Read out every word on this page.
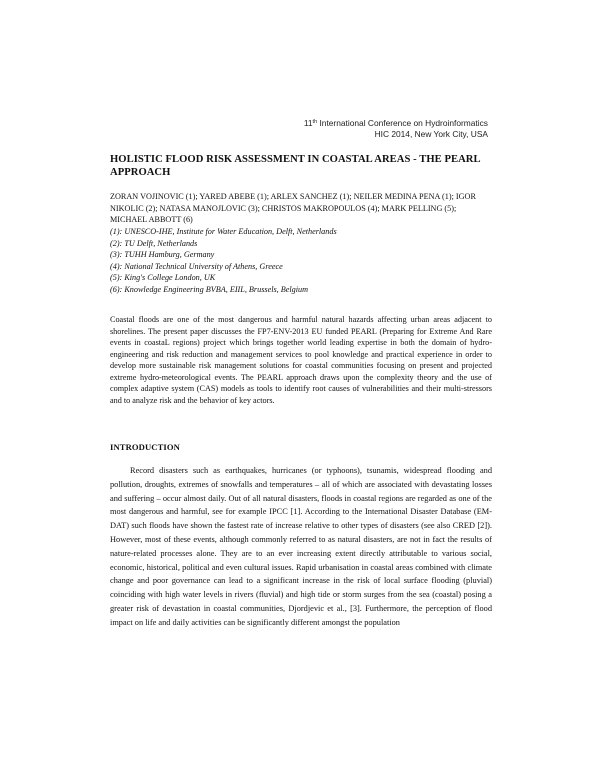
11th International Conference on Hydroinformatics
HIC 2014, New York City, USA
HOLISTIC FLOOD RISK ASSESSMENT IN COASTAL AREAS - THE PEARL APPROACH

ZORAN VOJINOVIC (1); YARED ABEBE (1); ARLEX SANCHEZ (1); NEILER MEDINA PENA (1); IGOR NIKOLIC (2); NATASA MANOJLOVIC (3); CHRISTOS MAKROPOULOS (4); MARK PELLING (5); MICHAEL ABBOTT (6)

(1): UNESCO-IHE, Institute for Water Education, Delft, Netherlands
(2): TU Delft, Netherlands
(3): TUHH Hamburg, Germany
(4): National Technical University of Athens, Greece
(5): King's College London, UK
(6): Knowledge Engineering BVBA, EIIL, Brussels, Belgium

Coastal floods are one of the most dangerous and harmful natural hazards affecting urban areas adjacent to shorelines. The present paper discusses the FP7-ENV-2013 EU funded PEARL (Preparing for Extreme And Rare events in coastaL regions) project which brings together world leading expertise in both the domain of hydro-engineering and risk reduction and management services to pool knowledge and practical experience in order to develop more sustainable risk management solutions for coastal communities focusing on present and projected extreme hydro-meteorological events. The PEARL approach draws upon the complexity theory and the use of complex adaptive system (CAS) models as tools to identify root causes of vulnerabilities and their multi-stressors and to analyze risk and the behavior of key actors.

INTRODUCTION

Record disasters such as earthquakes, hurricanes (or typhoons), tsunamis, widespread flooding and pollution, droughts, extremes of snowfalls and temperatures – all of which are associated with devastating losses and suffering – occur almost daily. Out of all natural disasters, floods in coastal regions are regarded as one of the most dangerous and harmful, see for example IPCC [1]. According to the International Disaster Database (EM-DAT) such floods have shown the fastest rate of increase relative to other types of disasters (see also CRED [2]). However, most of these events, although commonly referred to as natural disasters, are not in fact the results of nature-related processes alone. They are to an ever increasing extent directly attributable to various social, economic, historical, political and even cultural issues. Rapid urbanisation in coastal areas combined with climate change and poor governance can lead to a significant increase in the risk of local surface flooding (pluvial) coinciding with high water levels in rivers (fluvial) and high tide or storm surges from the sea (coastal) posing a greater risk of devastation in coastal communities, Djordjevic et al., [3]. Furthermore, the perception of flood impact on life and daily activities can be significantly different amongst the population
